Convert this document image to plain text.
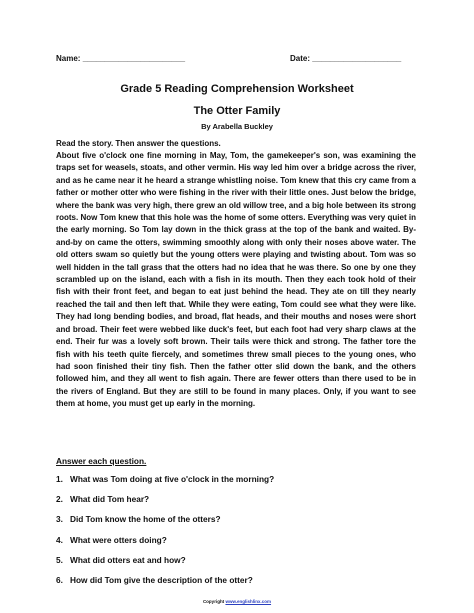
Name: _______________________	Date: ____________________
Grade 5 Reading Comprehension Worksheet
The Otter Family
By Arabella Buckley
Read the story. Then answer the questions.

About five o'clock one fine morning in May, Tom, the gamekeeper's son, was examining the traps set for weasels, stoats, and other vermin. His way led him over a bridge across the river, and as he came near it he heard a strange whistling noise. Tom knew that this cry came from a father or mother otter who were fishing in the river with their little ones. Just below the bridge, where the bank was very high, there grew an old willow tree, and a big hole between its strong roots. Now Tom knew that this hole was the home of some otters. Everything was very quiet in the early morning. So Tom lay down in the thick grass at the top of the bank and waited. By-and-by on came the otters, swimming smoothly along with only their noses above water. The old otters swam so quietly but the young otters were playing and twisting about. Tom was so well hidden in the tall grass that the otters had no idea that he was there. So one by one they scrambled up on the island, each with a fish in its mouth. Then they each took hold of their fish with their front feet, and began to eat just behind the head. They ate on till they nearly reached the tail and then left that. While they were eating, Tom could see what they were like. They had long bending bodies, and broad, flat heads, and their mouths and noses were short and broad. Their feet were webbed like duck's feet, but each foot had very sharp claws at the end. Their fur was a lovely soft brown. Their tails were thick and strong. The father tore the fish with his teeth quite fiercely, and sometimes threw small pieces to the young ones, who had soon finished their tiny fish. Then the father otter slid down the bank, and the others followed him, and they all went to fish again. There are fewer otters than there used to be in the rivers of England. But they are still to be found in many places. Only, if you want to see them at home, you must get up early in the morning.

Answer each question.
1. What was Tom doing at five o'clock in the morning?
2. What did Tom hear?
3. Did Tom know the home of the otters?
4. What were otters doing?
5. What did otters eat and how?
6. How did Tom give the description of the otter?
Copyright www.englishlinx.com
